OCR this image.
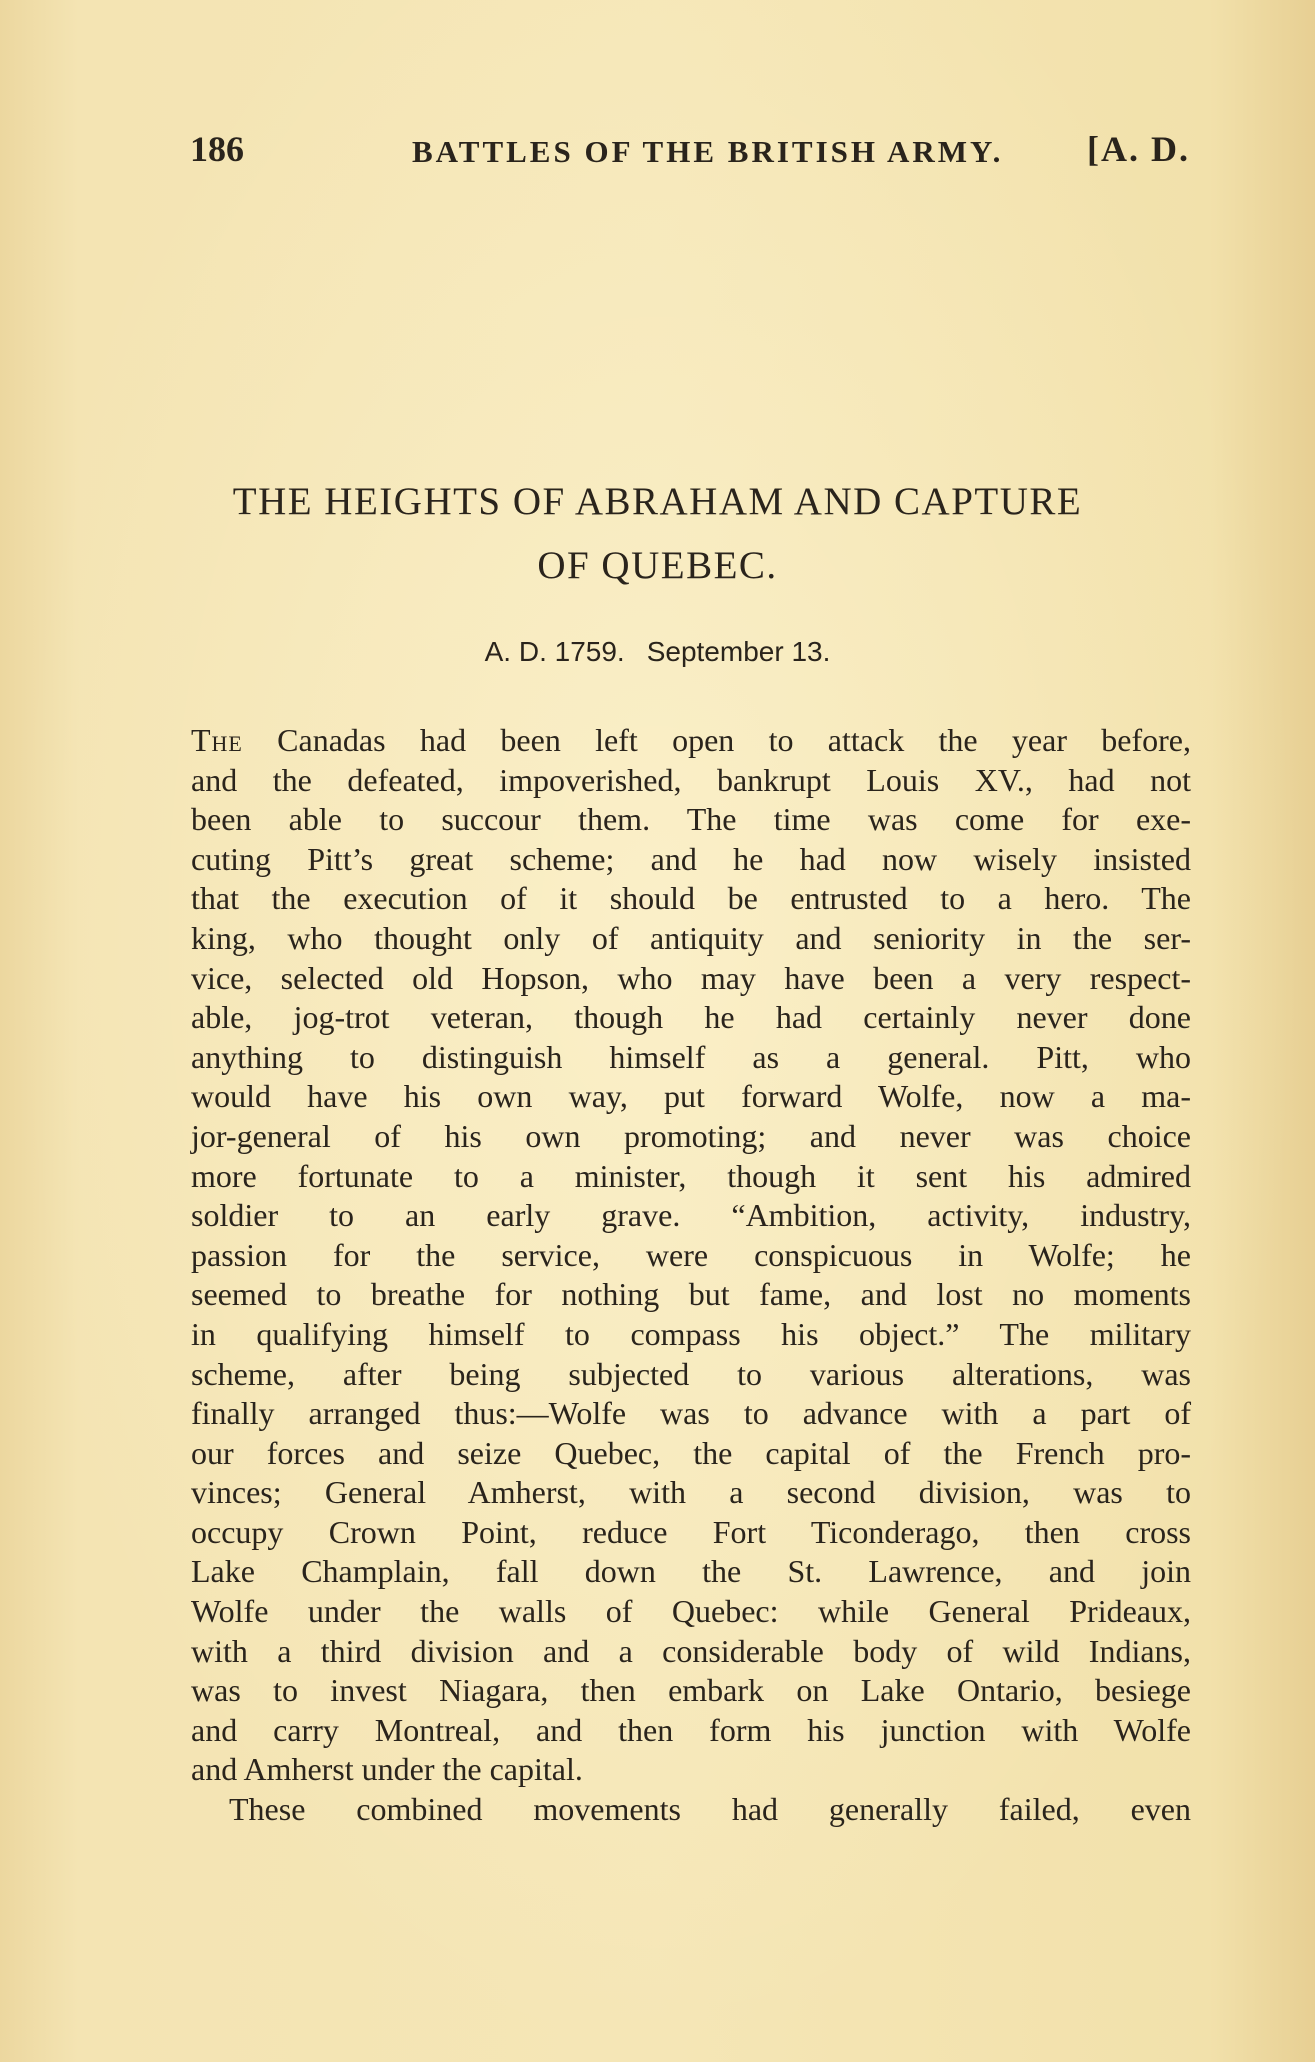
186	BATTLES OF THE BRITISH ARMY. [A. D.
THE HEIGHTS OF ABRAHAM AND CAPTURE
OF QUEBEC.
A. D. 1759. September 13.
The Canadas had been left open to attack the year before,
and the defeated, impoverished, bankrupt Louis XV., had not
been able to succour them. The time was come for exe-
cuting Pitt’s great scheme; and he had now wisely insisted
that the execution of it should be entrusted to a hero. The
king, who thought only of antiquity and seniority in the ser-
vice, selected old Hopson, who may have been a very respect-
able, jog-trot veteran, though he had certainly never done
anything to distinguish himself as a general. Pitt, who
would have his own way, put forward Wolfe, now a ma-
jor-general of his own promoting; and never was choice
more fortunate to a minister, though it sent his admired
soldier to an early grave. “Ambition, activity, industry,
passion for the service, were conspicuous in Wolfe; he
seemed to breathe for nothing but fame, and lost no moments
in qualifying himself to compass his object.” The military
scheme, after being subjected to various alterations, was
finally arranged thus:—Wolfe was to advance with a part of
our forces and seize Quebec, the capital of the French pro-
vinces; General Amherst, with a second division, was to
occupy Crown Point, reduce Fort Ticonderago, then cross
Lake Champlain, fall down the St. Lawrence, and join
Wolfe under the walls of Quebec: while General Prideaux,
with a third division and a considerable body of wild Indians,
was to invest Niagara, then embark on Lake Ontario, besiege
and carry Montreal, and then form his junction with Wolfe
and Amherst under the capital.
These combined movements had generally failed, even
